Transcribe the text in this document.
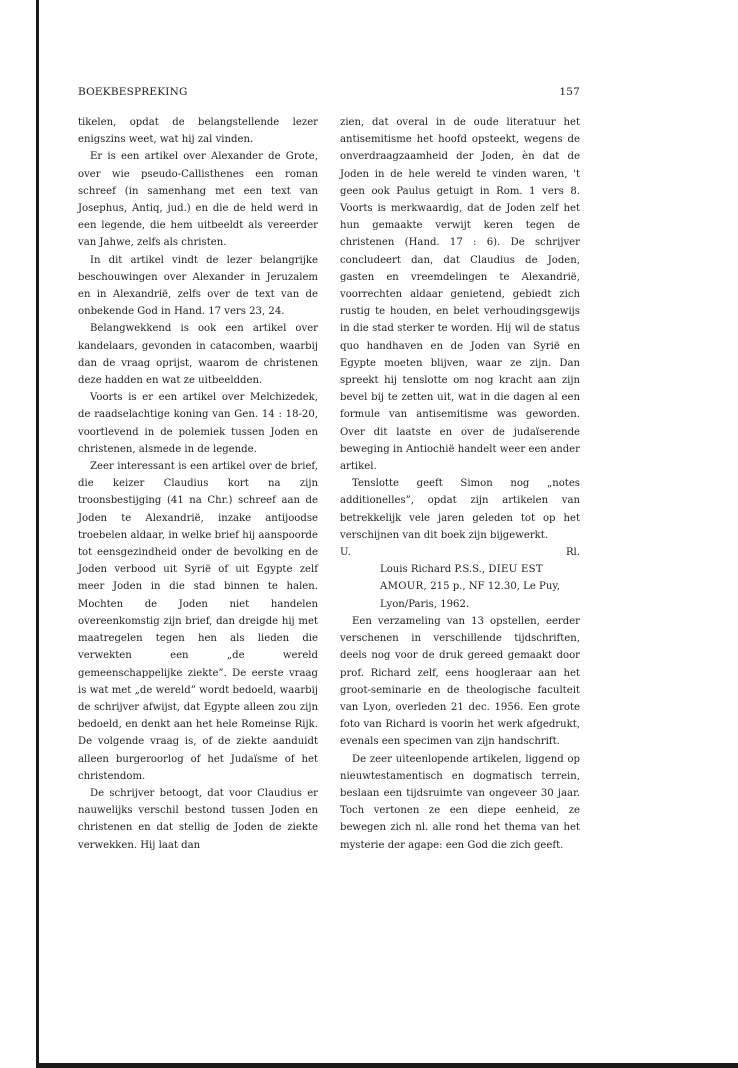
BOEKBESPREKING	157

tikelen, opdat de belangstellende lezer enigszins weet, wat hij zal vinden.

Er is een artikel over Alexander de Grote, over wie pseudo-Callisthenes een roman schreef (in samenhang met een text van Josephus, Antiq, jud.) en die de held werd in een legende, die hem uitbeeldt als vereerder van Jahwe, zelfs als christen.

In dit artikel vindt de lezer belangrijke beschouwingen over Alexander in Jeruzalem en in Alexandrië, zelfs over de text van de onbekende God in Hand. 17 vers 23, 24.

Belangwekkend is ook een artikel over kandelaars, gevonden in catacomben, waarbij dan de vraag oprijst, waarom de christenen deze hadden en wat ze uitbeeldden.

Voorts is er een artikel over Melchizedek, de raadselachtige koning van Gen. 14 : 18-20, voortlevend in de polemiek tussen Joden en christenen, alsmede in de legende.

Zeer interessant is een artikel over de brief, die keizer Claudius kort na zijn troonsbestijging (41 na Chr.) schreef aan de Joden te Alexandrië, inzake antijoodse troebelen aldaar, in welke brief hij aanspoorde tot eensgezindheid onder de bevolking en de Joden verbood uit Syrië of uit Egypte zelf meer Joden in die stad binnen te halen. Mochten de Joden niet handelen overeenkomstig zijn brief, dan dreigde hij met maatregelen tegen hen als lieden die verwekten een „de wereld gemeenschappelijke ziekte”. De eerste vraag is wat met „de wereld” wordt bedoeld, waarbij de schrijver afwijst, dat Egypte alleen zou zijn bedoeld, en denkt aan het hele Romeinse Rijk. De volgende vraag is, of de ziekte aanduidt alleen burgeroorlog of het Judaïsme of het christendom.

De schrijver betoogt, dat voor Claudius er nauwelijks verschil bestond tussen Joden en christenen en dat stellig de Joden de ziekte verwekken. Hij laat dan

zien, dat overal in de oude literatuur het antisemitisme het hoofd opsteekt, wegens de onverdraagzaamheid der Joden, èn dat de Joden in de hele wereld te vinden waren, 't geen ook Paulus getuigt in Rom. 1 vers 8. Voorts is merkwaardig, dat de Joden zelf het hun gemaakte verwijt keren tegen de christenen (Hand. 17 : 6). De schrijver concludeert dan, dat Claudius de Joden, gasten en vreemdelingen te Alexandrië, voorrechten aldaar genietend, gebiedt zich rustig te houden, en belet verhoudingsgewijs in die stad sterker te worden. Hij wil de status quo handhaven en de Joden van Syrië en Egypte moeten blijven, waar ze zijn. Dan spreekt hij tenslotte om nog kracht aan zijn bevel bij te zetten uit, wat in die dagen al een formule van antisemitisme was geworden. Over dit laatste en over de judaïserende beweging in Antiochië handelt weer een ander artikel.

Tenslotte geeft Simon nog „notes additionelles”, opdat zijn artikelen van betrekkelijk vele jaren geleden tot op het verschijnen van dit boek zijn bijgewerkt.

U.	Rl.

Louis Richard P.S.S., DIEU EST AMOUR, 215 p., NF 12.30, Le Puy, Lyon/Paris, 1962.

Een verzameling van 13 opstellen, eerder verschenen in verschillende tijdschriften, deels nog voor de druk gereed gemaakt door prof. Richard zelf, eens hoogleraar aan het groot-seminarie en de theologische faculteit van Lyon, overleden 21 dec. 1956. Een grote foto van Richard is voorin het werk afgedrukt, evenals een specimen van zijn handschrift.

De zeer uiteenlopende artikelen, liggend op nieuwtestamentisch en dogmatisch terrein, beslaan een tijdsruimte van ongeveer 30 jaar. Toch vertonen ze een diepe eenheid, ze bewegen zich nl. alle rond het thema van het mysterie der agape: een God die zich geeft.
